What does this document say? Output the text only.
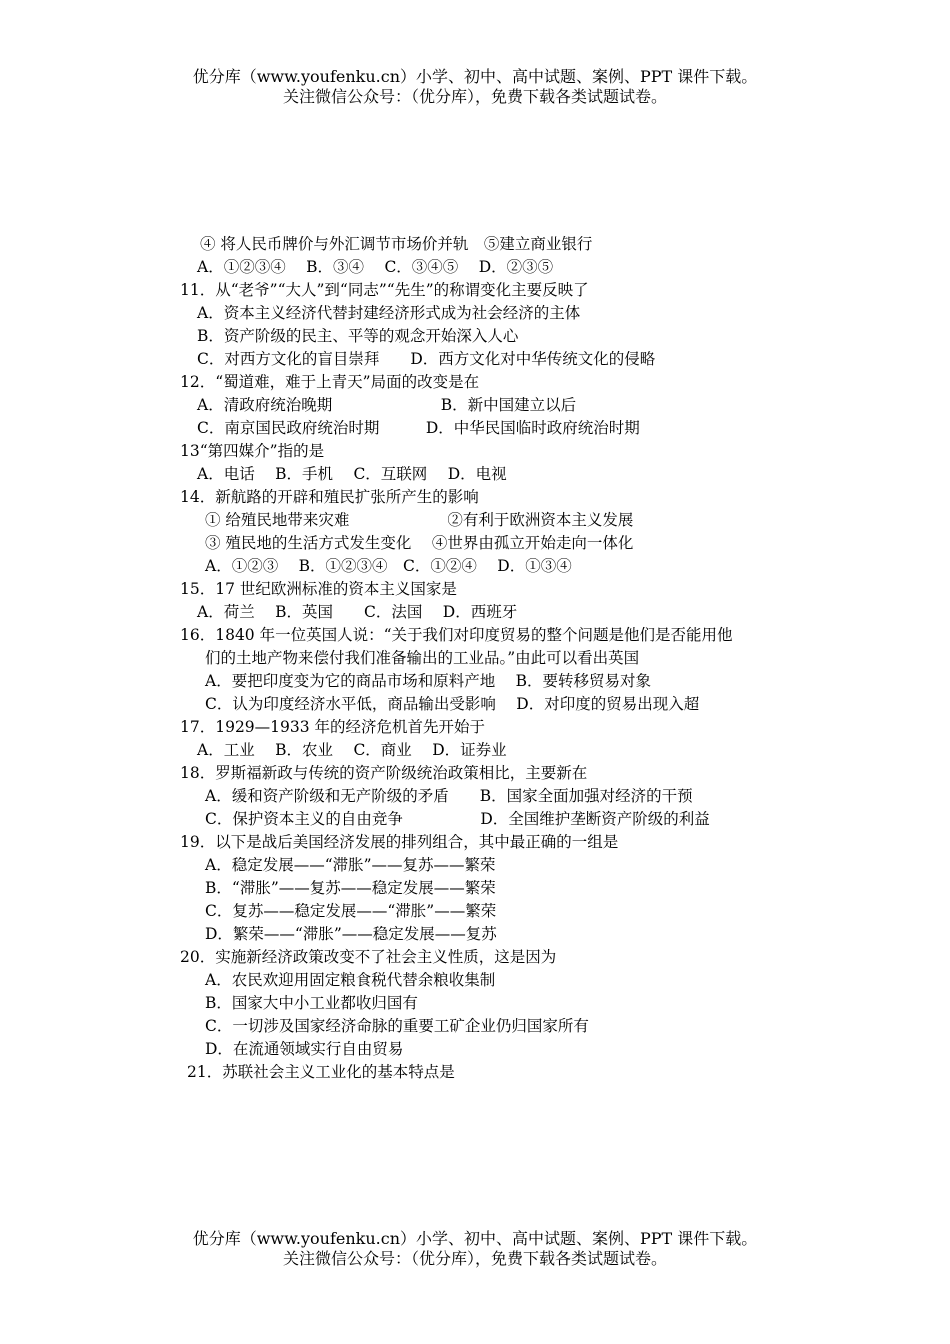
优分库（www.youfenku.cn）小学、初中、高中试题、案例、PPT 课件下载。
关注微信公众号：（优分库），免费下载各类试题试卷。
④ 将人民币牌价与外汇调节市场价并轨　⑤建立商业银行
A．①②③④　 B．③④　 C．③④⑤　 D．②③⑤
11．从“老爷”“大人”到“同志”“先生”的称谓变化主要反映了
A．资本主义经济代替封建经济形式成为社会经济的主体
B．资产阶级的民主、平等的观念开始深入人心
C．对西方文化的盲目崇拜　　D．西方文化对中华传统文化的侵略
12．“蜀道难，难于上青天”局面的改变是在
A．清政府统治晚期　　　　　　　B．新中国建立以后
C．南京国民政府统治时期　　　D．中华民国临时政府统治时期
13“第四媒介”指的是
A．电话　 B．手机　 C．互联网　 D．电视
14．新航路的开辟和殖民扩张所产生的影响
① 给殖民地带来灾难　　　　　　 ②有利于欧洲资本主义发展
③ 殖民地的生活方式发生变化　 ④世界由孤立开始走向一体化
A．①②③　 B．①②③④　C．①②④　 D．①③④
15．17 世纪欧洲标准的资本主义国家是
A．荷兰　 B．英国　　C．法国　 D．西班牙
16．1840 年一位英国人说：“关于我们对印度贸易的整个问题是他们是否能用他
们的土地产物来偿付我们准备输出的工业品。”由此可以看出英国
A．要把印度变为它的商品市场和原料产地　 B．要转移贸易对象
C．认为印度经济水平低，商品输出受影响　 D．对印度的贸易出现入超
17．1929—1933 年的经济危机首先开始于
A．工业　 B．农业　 C．商业　 D．证券业
18．罗斯福新政与传统的资产阶级统治政策相比，主要新在
A．缓和资产阶级和无产阶级的矛盾　　B．国家全面加强对经济的干预
C．保护资本主义的自由竞争　　　　　D．全国维护垄断资产阶级的利益
19．以下是战后美国经济发展的排列组合，其中最正确的一组是
A．稳定发展——“滞胀”——复苏——繁荣
B．“滞胀”——复苏——稳定发展——繁荣
C．复苏——稳定发展——“滞胀”——繁荣
D．繁荣——“滞胀”——稳定发展——复苏
20．实施新经济政策改变不了社会主义性质，这是因为
A．农民欢迎用固定粮食税代替余粮收集制
B．国家大中小工业都收归国有
C．一切涉及国家经济命脉的重要工矿企业仍归国家所有
D．在流通领域实行自由贸易
21．苏联社会主义工业化的基本特点是
优分库（www.youfenku.cn）小学、初中、高中试题、案例、PPT 课件下载。
关注微信公众号：（优分库），免费下载各类试题试卷。
